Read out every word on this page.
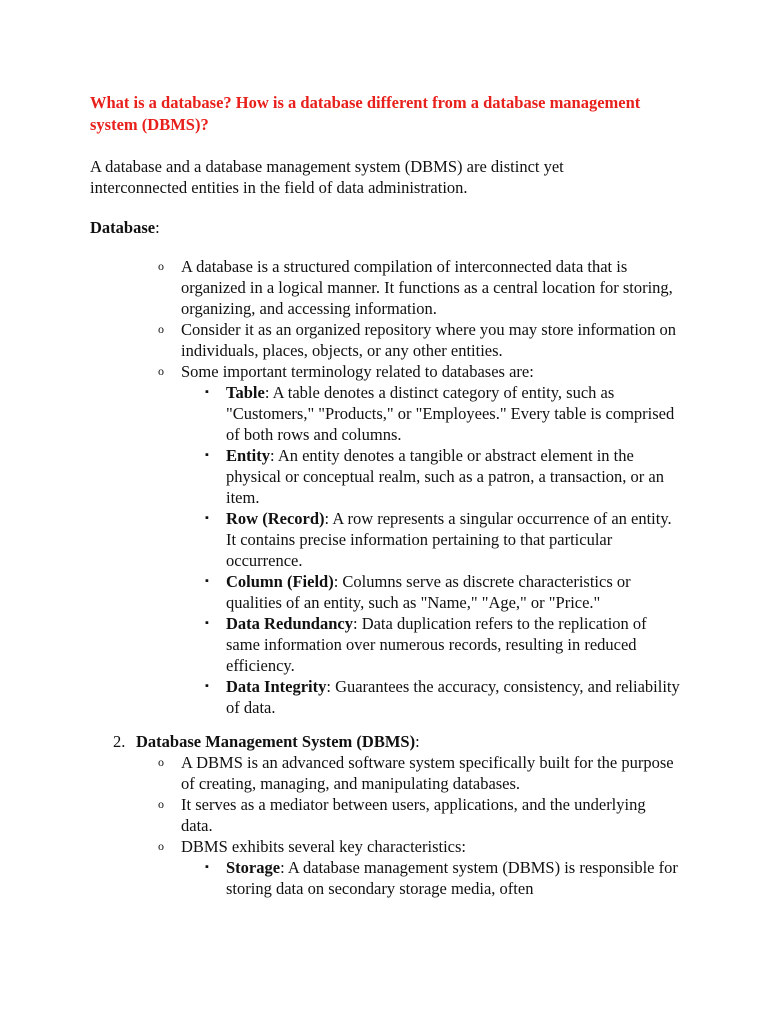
What is a database? How is a database different from a database management system (DBMS)?

A database and a database management system (DBMS) are distinct yet interconnected entities in the field of data administration.

Database:

o A database is a structured compilation of interconnected data that is organized in a logical manner. It functions as a central location for storing, organizing, and accessing information.
o Consider it as an organized repository where you may store information on individuals, places, objects, or any other entities.
o Some important terminology related to databases are:
▪ Table: A table denotes a distinct category of entity, such as "Customers," "Products," or "Employees." Every table is comprised of both rows and columns.
▪ Entity: An entity denotes a tangible or abstract element in the physical or conceptual realm, such as a patron, a transaction, or an item.
▪ Row (Record): A row represents a singular occurrence of an entity. It contains precise information pertaining to that particular occurrence.
▪ Column (Field): Columns serve as discrete characteristics or qualities of an entity, such as "Name," "Age," or "Price."
▪ Data Redundancy: Data duplication refers to the replication of same information over numerous records, resulting in reduced efficiency.
▪ Data Integrity: Guarantees the accuracy, consistency, and reliability of data.
2. Database Management System (DBMS):
o A DBMS is an advanced software system specifically built for the purpose of creating, managing, and manipulating databases.
o It serves as a mediator between users, applications, and the underlying data.
o DBMS exhibits several key characteristics:
▪ Storage: A database management system (DBMS) is responsible for storing data on secondary storage media, often
